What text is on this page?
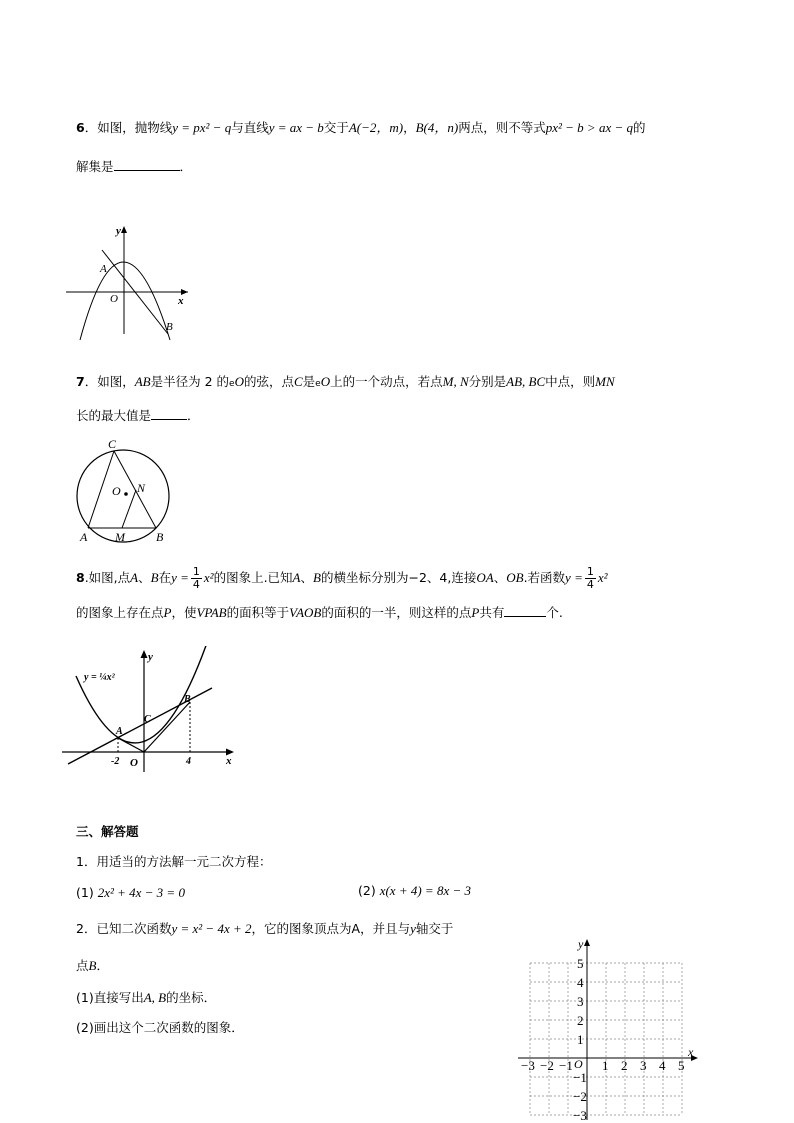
6．如图，抛物线y = px² − q与直线y = ax − b交于A(−2，m)，B(4，n)两点，则不等式px² − b > ax − q的
解集是	．
y
x
A
O
B
7．如图，AB是半径为 2 的eO的弦，点C是eO上的一个动点，若点M, N分别是AB, BC中点，则MN
长的最大值是	．
C
O N
A M	B
8.如图,点A、B在$y = \frac{1}{4} x^2$的图象上.已知A、B的横坐标分别为−2、4,连接OA、OB.若函数$y = \frac{1}{4} x^2$
的图象上存在点P，使VPAB的面积等于VAOB的面积的一半，则这样的点P共有	个.
y = ¼x²
y
B
C
A
-2 O	4	x
三、解答题
1．用适当的方法解一元二次方程：
(1) 2x² + 4x − 3 = 0	(2) x(x + 4) = 8x − 3
2．已知二次函数y = x² − 4x + 2，它的图象顶点为A，并且与y轴交于
点B．
(1)直接写出A, B的坐标．
(2)画出这个二次函数的图象．
y
x
O
−3 −2 −1 1 2 3 4 5
5
4
3
2
1
−1
−2
−3
